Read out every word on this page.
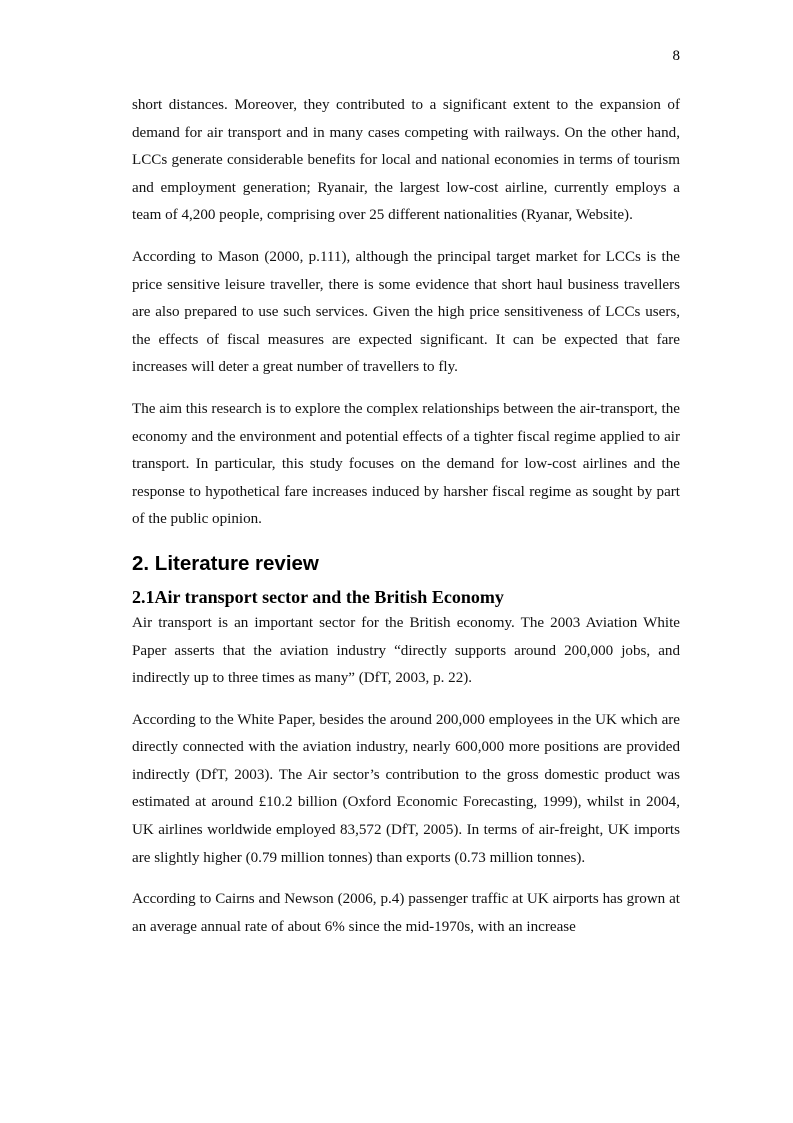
8

short distances. Moreover, they contributed to a significant extent to the expansion of demand for air transport and in many cases competing with railways. On the other hand, LCCs generate considerable benefits for local and national economies in terms of tourism and employment generation; Ryanair, the largest low-cost airline, currently employs a team of 4,200 people, comprising over 25 different nationalities (Ryanar, Website).

According to Mason (2000, p.111), although the principal target market for LCCs is the price sensitive leisure traveller, there is some evidence that short haul business travellers are also prepared to use such services. Given the high price sensitiveness of LCCs users, the effects of fiscal measures are expected significant. It can be expected that fare increases will deter a great number of travellers to fly.

The aim this research is to explore the complex relationships between the air-transport, the economy and the environment and potential effects of a tighter fiscal regime applied to air transport. In particular, this study focuses on the demand for low-cost airlines and the response to hypothetical fare increases induced by harsher fiscal regime as sought by part of the public opinion.

2. Literature review
2.1Air transport sector and the British Economy

Air transport is an important sector for the British economy. The 2003 Aviation White Paper asserts that the aviation industry “directly supports around 200,000 jobs, and indirectly up to three times as many” (DfT, 2003, p. 22).

According to the White Paper, besides the around 200,000 employees in the UK which are directly connected with the aviation industry, nearly 600,000 more positions are provided indirectly (DfT, 2003). The Air sector’s contribution to the gross domestic product was estimated at around £10.2 billion (Oxford Economic Forecasting, 1999), whilst in 2004, UK airlines worldwide employed 83,572 (DfT, 2005). In terms of air-freight, UK imports are slightly higher (0.79 million tonnes) than exports (0.73 million tonnes).

According to Cairns and Newson (2006, p.4) passenger traffic at UK airports has grown at an average annual rate of about 6% since the mid-1970s, with an increase
